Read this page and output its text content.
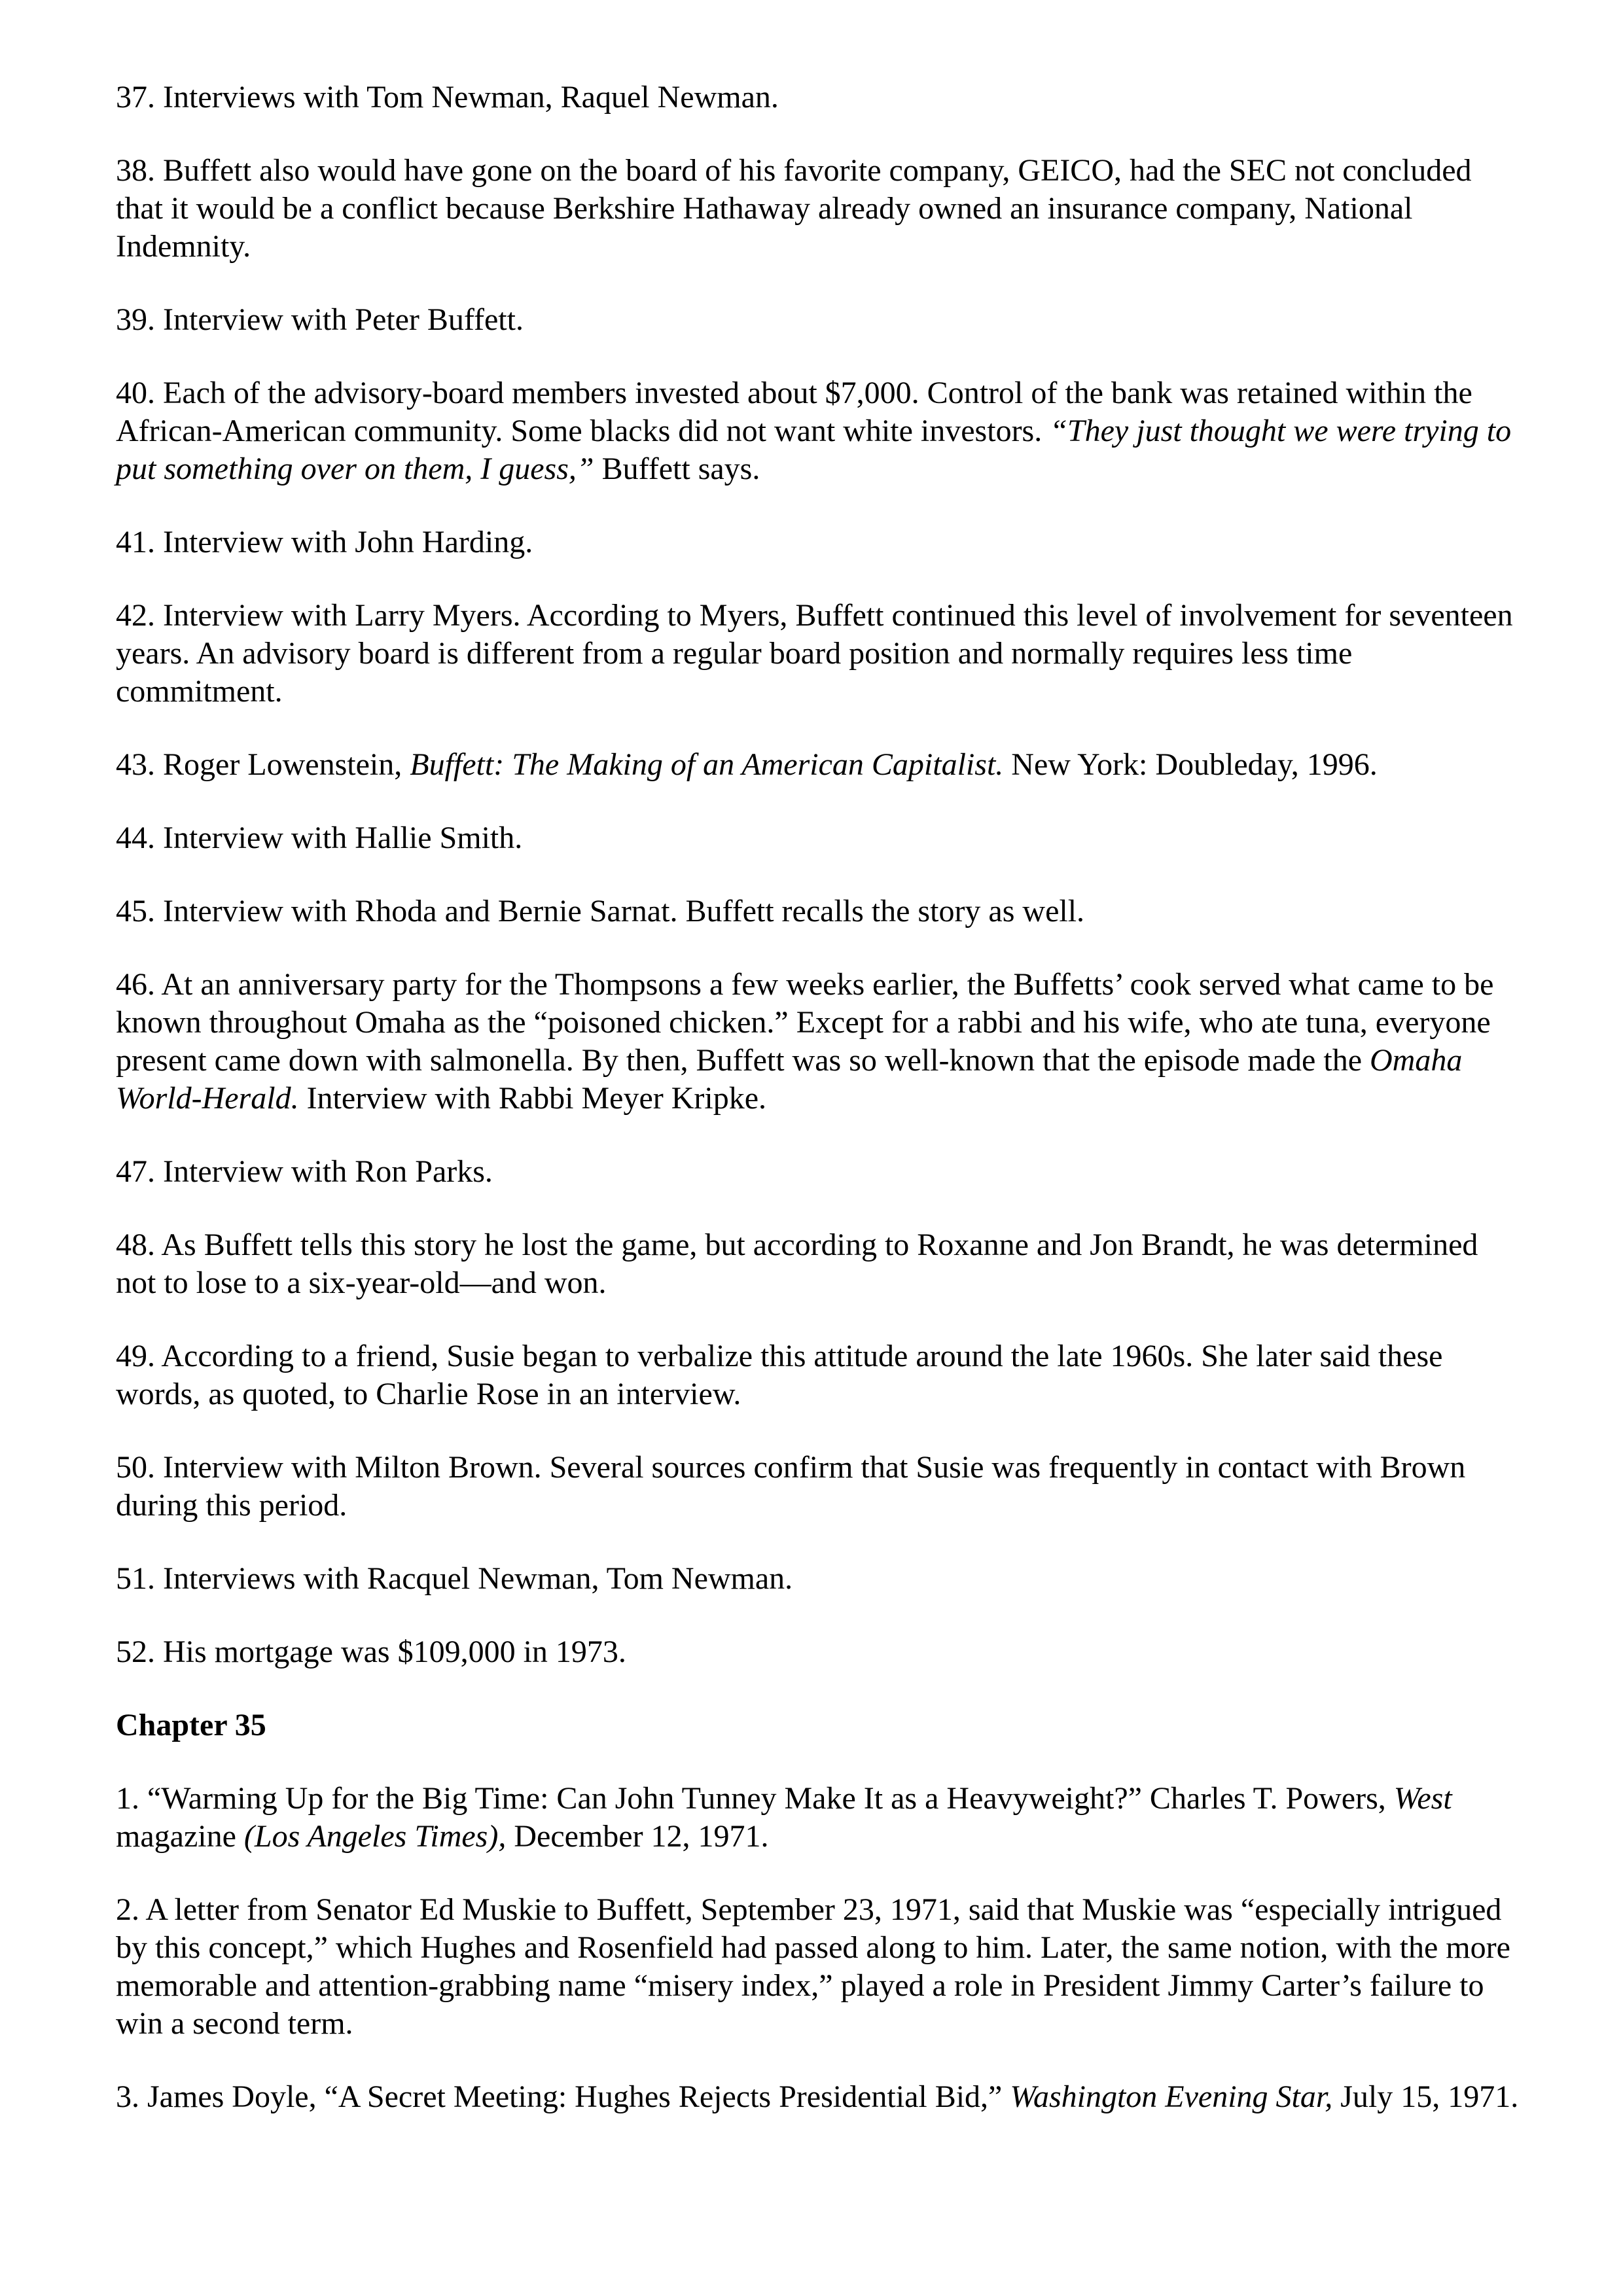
37. Interviews with Tom Newman, Raquel Newman.

38. Buffett also would have gone on the board of his favorite company, GEICO, had the SEC not concluded that it would be a conflict because Berkshire Hathaway already owned an insurance company, National Indemnity.

39. Interview with Peter Buffett.

40. Each of the advisory-board members invested about $7,000. Control of the bank was retained within the African-American community. Some blacks did not want white investors. “They just thought we were trying to put something over on them, I guess,” Buffett says.

41. Interview with John Harding.

42. Interview with Larry Myers. According to Myers, Buffett continued this level of involvement for seventeen years. An advisory board is different from a regular board position and normally requires less time commitment.

43. Roger Lowenstein, Buffett: The Making of an American Capitalist. New York: Doubleday, 1996.

44. Interview with Hallie Smith.

45. Interview with Rhoda and Bernie Sarnat. Buffett recalls the story as well.

46. At an anniversary party for the Thompsons a few weeks earlier, the Buffetts’ cook served what came to be known throughout Omaha as the “poisoned chicken.” Except for a rabbi and his wife, who ate tuna, everyone present came down with salmonella. By then, Buffett was so well-known that the episode made the Omaha World-Herald. Interview with Rabbi Meyer Kripke.

47. Interview with Ron Parks.

48. As Buffett tells this story he lost the game, but according to Roxanne and Jon Brandt, he was determined not to lose to a six-year-old—and won.

49. According to a friend, Susie began to verbalize this attitude around the late 1960s. She later said these words, as quoted, to Charlie Rose in an interview.

50. Interview with Milton Brown. Several sources confirm that Susie was frequently in contact with Brown during this period.

51. Interviews with Racquel Newman, Tom Newman.

52. His mortgage was $109,000 in 1973.

Chapter 35

1. “Warming Up for the Big Time: Can John Tunney Make It as a Heavyweight?” Charles T. Powers, West magazine (Los Angeles Times), December 12, 1971.

2. A letter from Senator Ed Muskie to Buffett, September 23, 1971, said that Muskie was “especially intrigued by this concept,” which Hughes and Rosenfield had passed along to him. Later, the same notion, with the more memorable and attention-grabbing name “misery index,” played a role in President Jimmy Carter’s failure to win a second term.

3. James Doyle, “A Secret Meeting: Hughes Rejects Presidential Bid,” Washington Evening Star, July 15, 1971.
